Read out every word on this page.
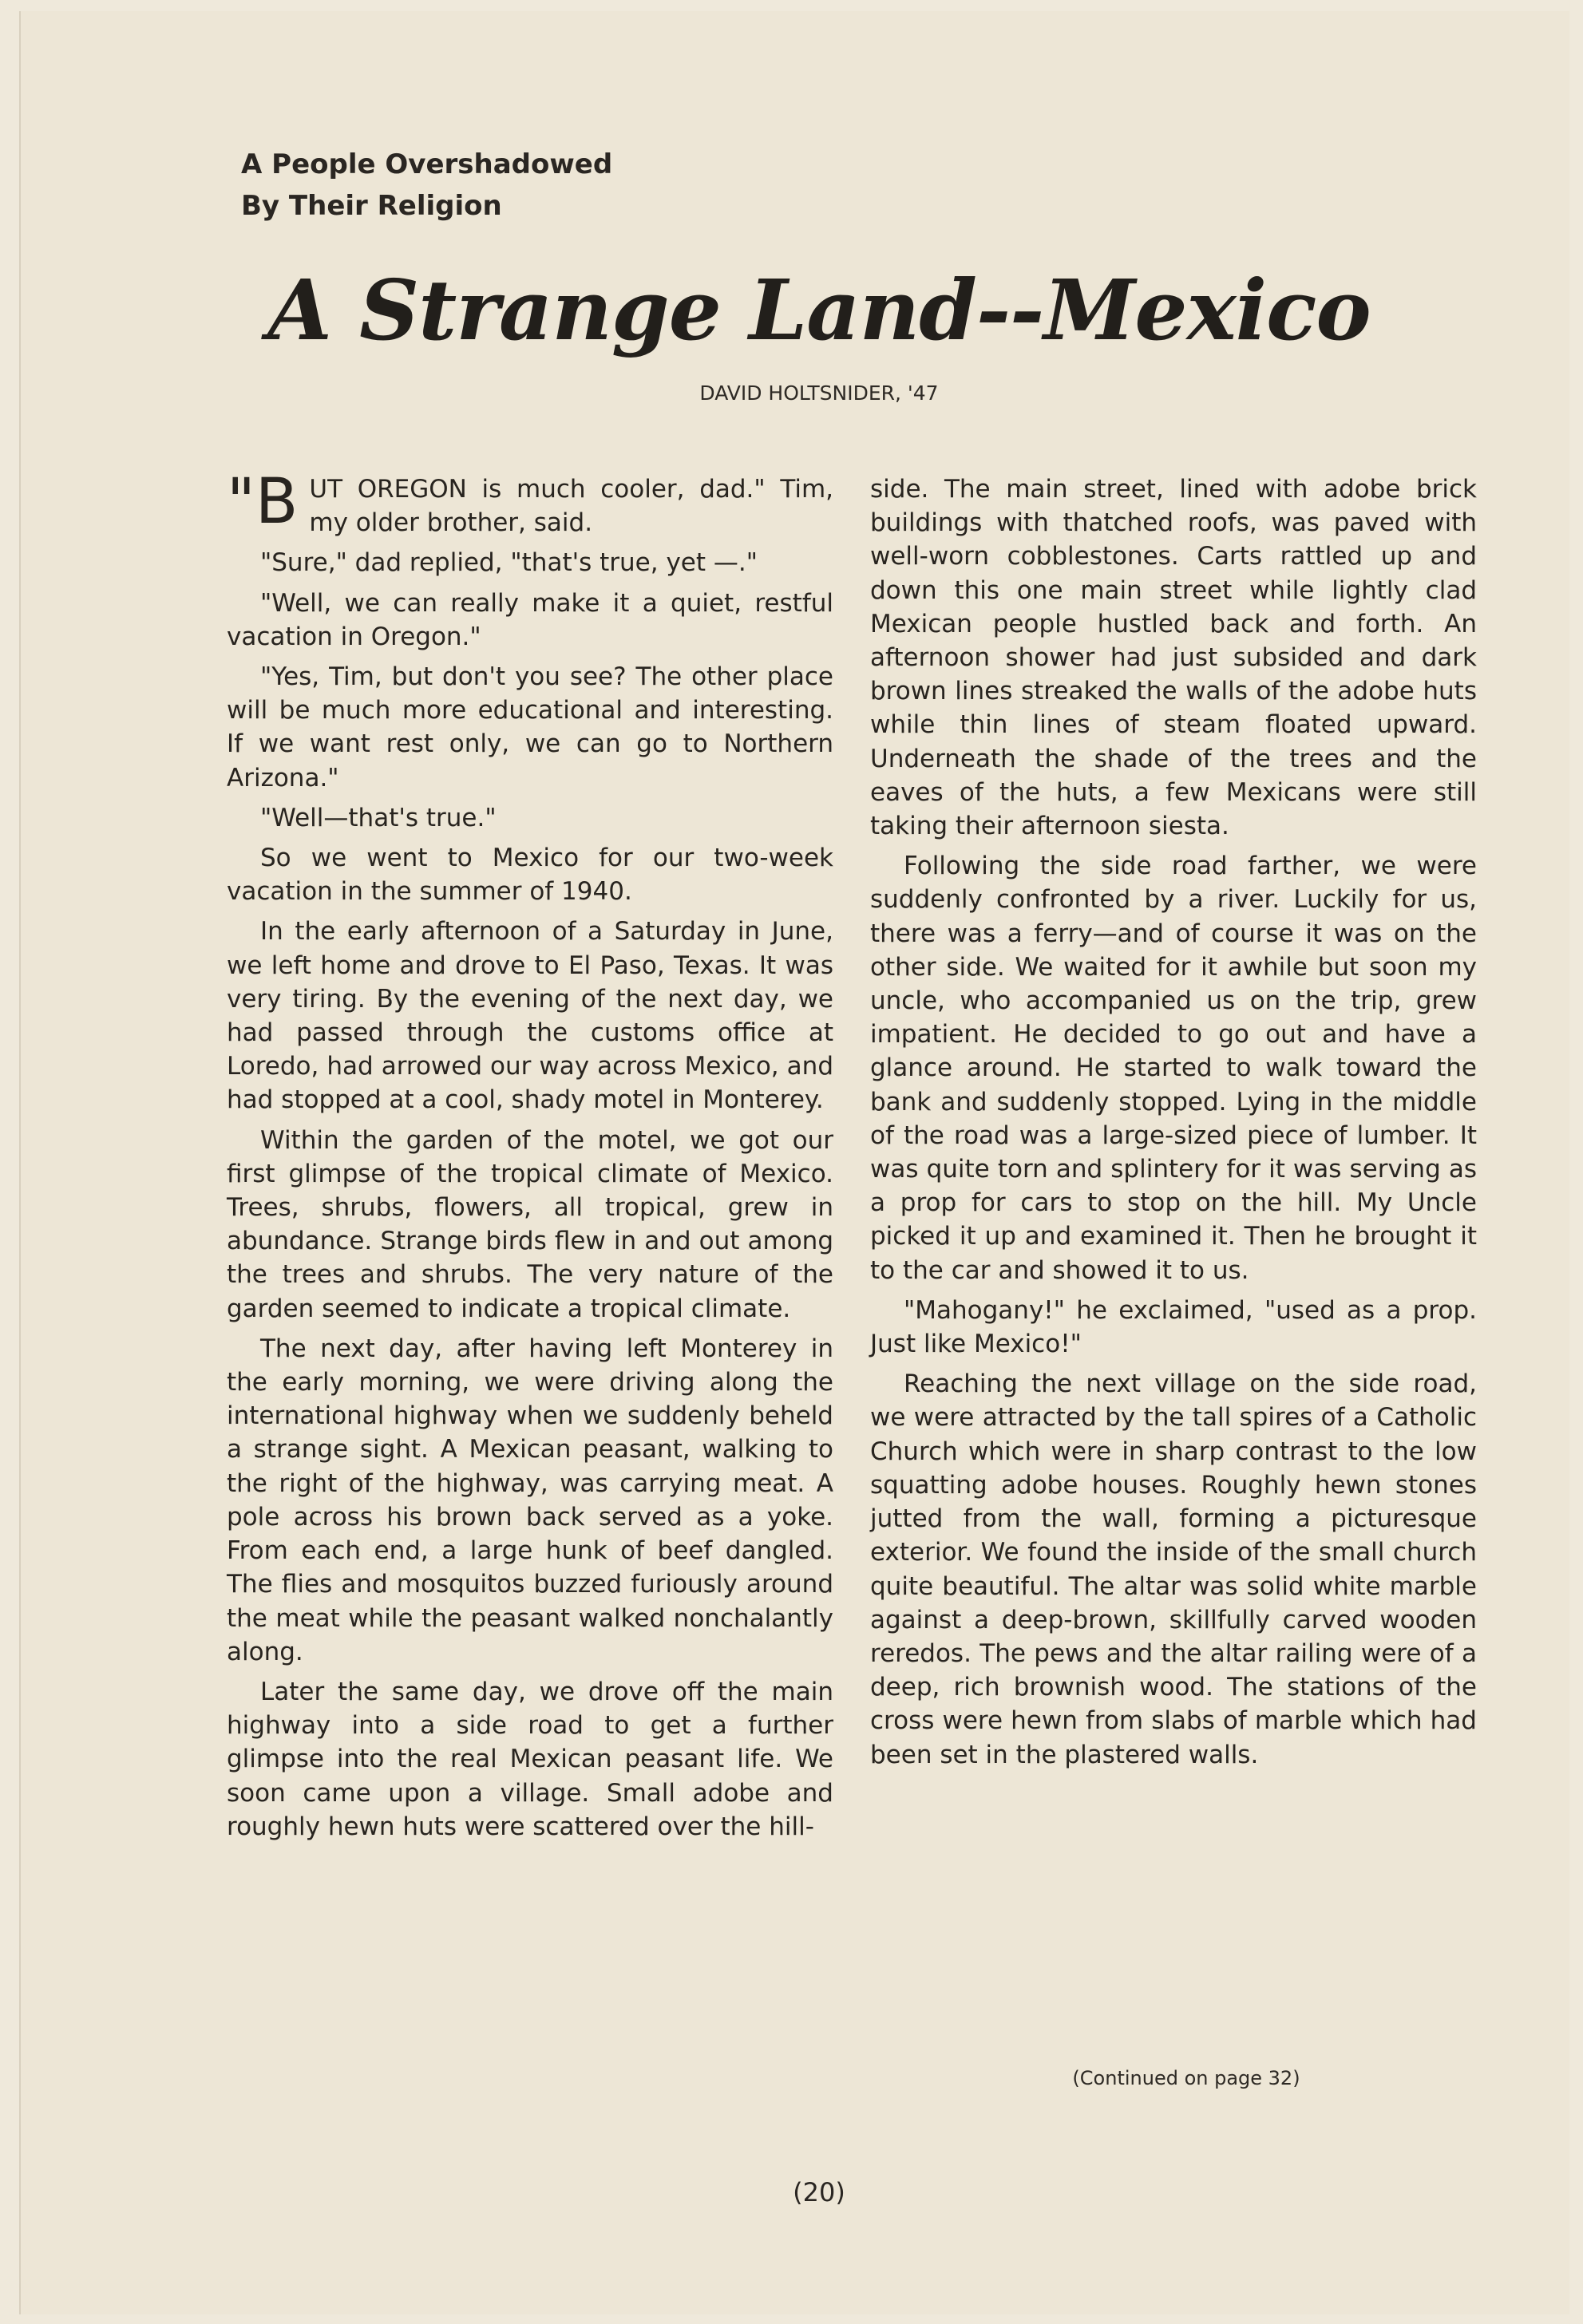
A People Overshadowed
By Their Religion
A Strange Land--Mexico
DAVID HOLTSNIDER, '47

"BUT OREGON is much cooler, dad." Tim, my older brother, said.

"Sure," dad replied, "that's true, yet —."

"Well, we can really make it a quiet, restful vacation in Oregon."

"Yes, Tim, but don't you see? The other place will be much more educational and interesting. If we want rest only, we can go to Northern Arizona."

"Well—that's true."

So we went to Mexico for our two-week vacation in the summer of 1940.

In the early afternoon of a Saturday in June, we left home and drove to El Paso, Texas. It was very tiring. By the evening of the next day, we had passed through the customs office at Loredo, had arrowed our way across Mexico, and had stopped at a cool, shady motel in Monterey.

Within the garden of the motel, we got our first glimpse of the tropical climate of Mexico. Trees, shrubs, flowers, all tropical, grew in abundance. Strange birds flew in and out among the trees and shrubs. The very nature of the garden seemed to indicate a tropical climate.

The next day, after having left Monterey in the early morning, we were driving along the international highway when we suddenly beheld a strange sight. A Mexican peasant, walking to the right of the highway, was carrying meat. A pole across his brown back served as a yoke. From each end, a large hunk of beef dangled. The flies and mosquitos buzzed furiously around the meat while the peasant walked nonchalantly along.

Later the same day, we drove off the main highway into a side road to get a further glimpse into the real Mexican peasant life. We soon came upon a village. Small adobe and roughly hewn huts were scattered over the hill-

side. The main street, lined with adobe brick buildings with thatched roofs, was paved with well-worn cobblestones. Carts rattled up and down this one main street while lightly clad Mexican people hustled back and forth. An afternoon shower had just subsided and dark brown lines streaked the walls of the adobe huts while thin lines of steam floated upward. Underneath the shade of the trees and the eaves of the huts, a few Mexicans were still taking their afternoon siesta.

Following the side road farther, we were suddenly confronted by a river. Luckily for us, there was a ferry—and of course it was on the other side. We waited for it awhile but soon my uncle, who accompanied us on the trip, grew impatient. He decided to go out and have a glance around. He started to walk toward the bank and suddenly stopped. Lying in the middle of the road was a large-sized piece of lumber. It was quite torn and splintery for it was serving as a prop for cars to stop on the hill. My Uncle picked it up and examined it. Then he brought it to the car and showed it to us.

"Mahogany!" he exclaimed, "used as a prop. Just like Mexico!"

Reaching the next village on the side road, we were attracted by the tall spires of a Catholic Church which were in sharp contrast to the low squatting adobe houses. Roughly hewn stones jutted from the wall, forming a picturesque exterior. We found the inside of the small church quite beautiful. The altar was solid white marble against a deep-brown, skillfully carved wooden reredos. The pews and the altar railing were of a deep, rich brownish wood. The stations of the cross were hewn from slabs of marble which had been set in the plastered walls.

(Continued on page 32)
(20)
